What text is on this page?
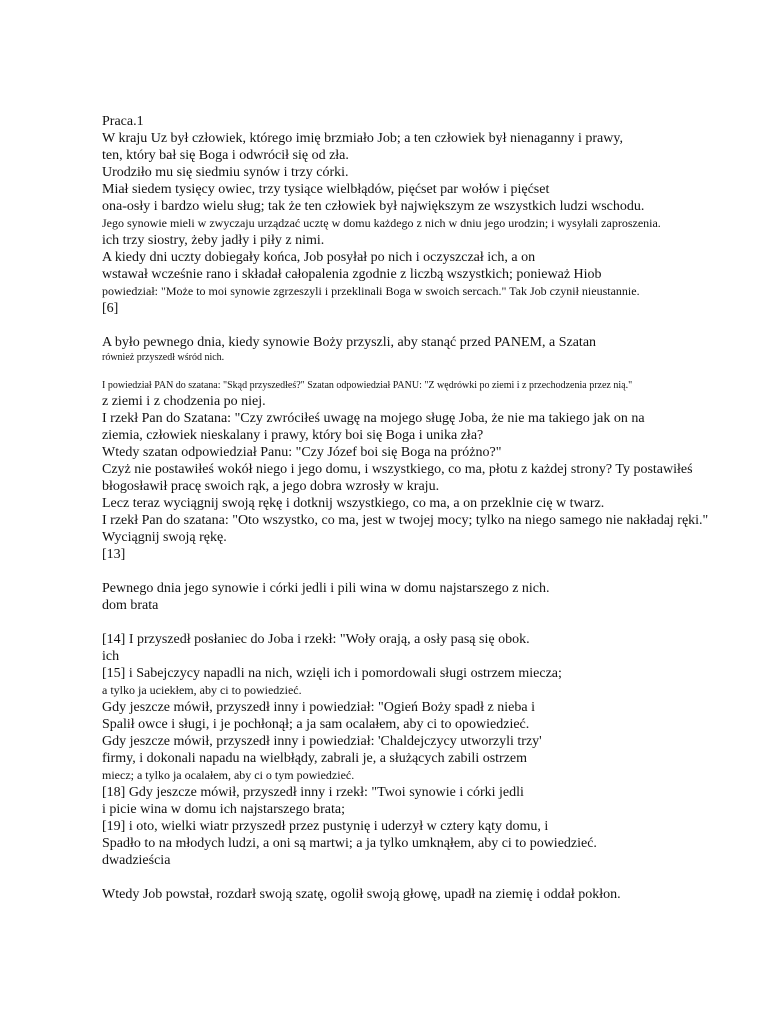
Praca.1
W kraju Uz był człowiek, którego imię brzmiało Job; a ten człowiek był nienaganny i prawy,
ten, który bał się Boga i odwrócił się od zła.
Urodziło mu się siedmiu synów i trzy córki.
Miał siedem tysięcy owiec, trzy tysiące wielbłądów, pięćset par wołów i pięćset
ona-osły i bardzo wielu sług; tak że ten człowiek był największym ze wszystkich ludzi wschodu.
Jego synowie mieli w zwyczaju urządzać ucztę w domu każdego z nich w dniu jego urodzin; i wysyłali zaproszenia.
ich trzy siostry, żeby jadły i piły z nimi.
A kiedy dni uczty dobiegały końca, Job posyłał po nich i oczyszczał ich, a on
wstawał wcześnie rano i składał całopalenia zgodnie z liczbą wszystkich; ponieważ Hiob
powiedział: "Może to moi synowie zgrzeszyli i przeklinali Boga w swoich sercach." Tak Job czynił nieustannie.
[6]
A było pewnego dnia, kiedy synowie Boży przyszli, aby stanąć przed PANEM, a Szatan
również przyszedł wśród nich.
I powiedział PAN do szatana: "Skąd przyszedłeś?" Szatan odpowiedział PANU: "Z wędrówki po ziemi i z przechodzenia przez nią."
z ziemi i z chodzenia po niej.
I rzekł Pan do Szatana: "Czy zwróciłeś uwagę na mojego sługę Joba, że nie ma takiego jak on na
ziemia, człowiek nieskalany i prawy, który boi się Boga i unika zła?
Wtedy szatan odpowiedział Panu: "Czy Józef boi się Boga na próżno?"
Czyż nie postawiłeś wokół niego i jego domu, i wszystkiego, co ma, płotu z każdej strony? Ty postawiłeś
błogosławił pracę swoich rąk, a jego dobra wzrosły w kraju.
Lecz teraz wyciągnij swoją rękę i dotknij wszystkiego, co ma, a on przeklnie cię w twarz.
I rzekł Pan do szatana: "Oto wszystko, co ma, jest w twojej mocy; tylko na niego samego nie nakładaj ręki."
Wyciągnij swoją rękę.
[13]
Pewnego dnia jego synowie i córki jedli i pili wina w domu najstarszego z nich.
dom brata
[14] I przyszedł posłaniec do Joba i rzekł: "Woły orają, a osły pasą się obok.
ich
[15] i Sabejczycy napadli na nich, wzięli ich i pomordowali sługi ostrzem miecza;
a tylko ja uciekłem, aby ci to powiedzieć.
Gdy jeszcze mówił, przyszedł inny i powiedział: "Ogień Boży spadł z nieba i
Spalił owce i sługi, i je pochłonął; a ja sam ocalałem, aby ci to opowiedzieć.
Gdy jeszcze mówił, przyszedł inny i powiedział: 'Chaldejczycy utworzyli trzy'
firmy, i dokonali napadu na wielbłądy, zabrali je, a służących zabili ostrzem
miecz; a tylko ja ocalałem, aby ci o tym powiedzieć.
[18] Gdy jeszcze mówił, przyszedł inny i rzekł: "Twoi synowie i córki jedli
i picie wina w domu ich najstarszego brata;
[19] i oto, wielki wiatr przyszedł przez pustynię i uderzył w cztery kąty domu, i
Spadło to na młodych ludzi, a oni są martwi; a ja tylko umknąłem, aby ci to powiedzieć.
dwadzieścia
Wtedy Job powstał, rozdarł swoją szatę, ogolił swoją głowę, upadł na ziemię i oddał pokłon.
